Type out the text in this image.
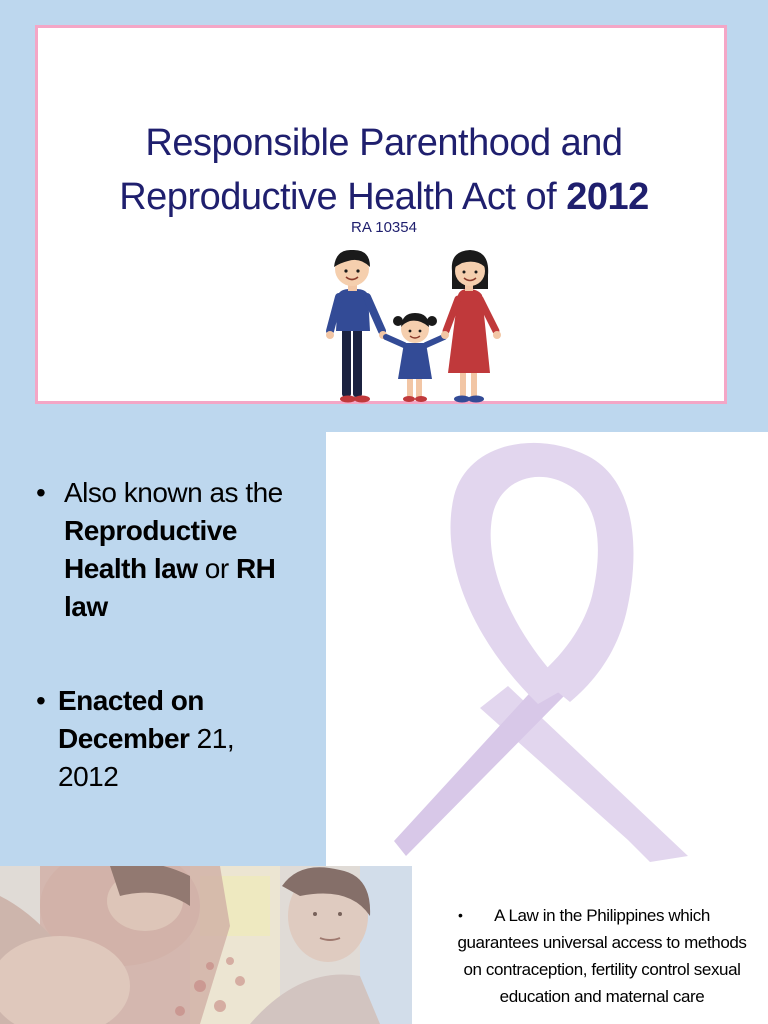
Responsible Parenthood and
Reproductive Health Act of 2012
RA 10354
• Also known as the Reproductive Health law or RH law
• Enacted on December 21, 2012
• A Law in the Philippines which guarantees universal access to methods on contraception, fertility control sexual education and maternal care
